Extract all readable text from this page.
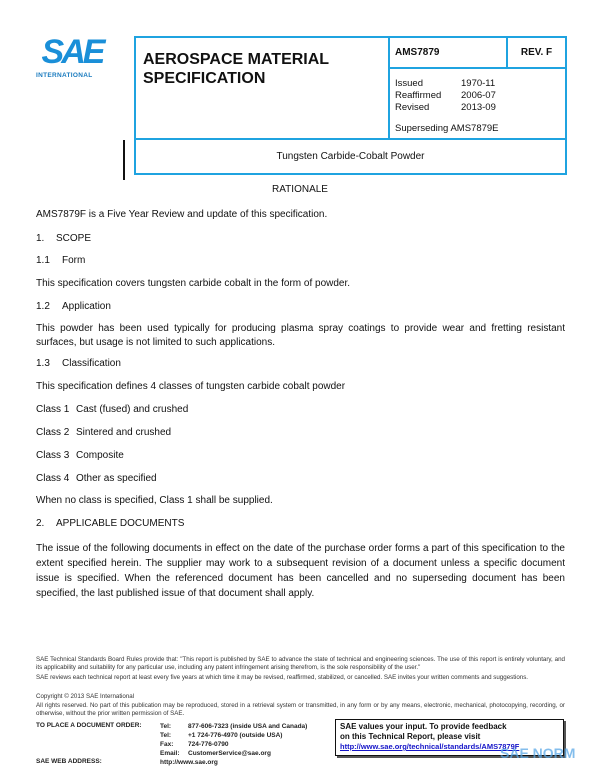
SAE
INTERNATIONAL
AEROSPACE MATERIAL
SPECIFICATION
AMS7879	REV. F
Issued	1970-11
Reaffirmed 2006-07
Revised	2013-09
Superseding AMS7879E
Tungsten Carbide-Cobalt Powder
RATIONALE
AMS7879F is a Five Year Review and update of this specification.
1. SCOPE
1.1 Form
This specification covers tungsten carbide cobalt in the form of powder.
1.2 Application
This powder has been used typically for producing plasma spray coatings to provide wear and fretting resistant surfaces, but usage is not limited to such applications.
1.3 Classification
This specification defines 4 classes of tungsten carbide cobalt powder
Class 1 Cast (fused) and crushed
Class 2 Sintered and crushed
Class 3 Composite
Class 4 Other as specified
When no class is specified, Class 1 shall be supplied.
2. APPLICABLE DOCUMENTS
The issue of the following documents in effect on the date of the purchase order forms a part of this specification to the extent specified herein. The supplier may work to a subsequent revision of a document unless a specific document issue is specified. When the referenced document has been cancelled and no superseding document has been specified, the last published issue of that document shall apply.
SAE Technical Standards Board Rules provide that: "This report is published by SAE to advance the state of technical and engineering sciences. The use of this report is entirely voluntary, and its applicability and suitability for any particular use, including any patent infringement arising therefrom, is the sole responsibility of the user."
SAE reviews each technical report at least every five years at which time it may be revised, reaffirmed, stabilized, or cancelled. SAE invites your written comments and suggestions.
Copyright © 2013 SAE International
All rights reserved. No part of this publication may be reproduced, stored in a retrieval system or transmitted, in any form or by any means, electronic, mechanical, photocopying, recording, or otherwise, without the prior written permission of SAE.
TO PLACE A DOCUMENT ORDER:	Tel:	877-606-7323 (inside USA and Canada)
Tel:	+1 724-776-4970 (outside USA)
Fax: 724-776-0790
Email: CustomerService@sae.org
http://www.sae.org
SAE WEB ADDRESS:
SAE values your input. To provide feedback
on this Technical Report, please visit
http://www.sae.org/technical/standards/AMS7879F
SAE NORM
